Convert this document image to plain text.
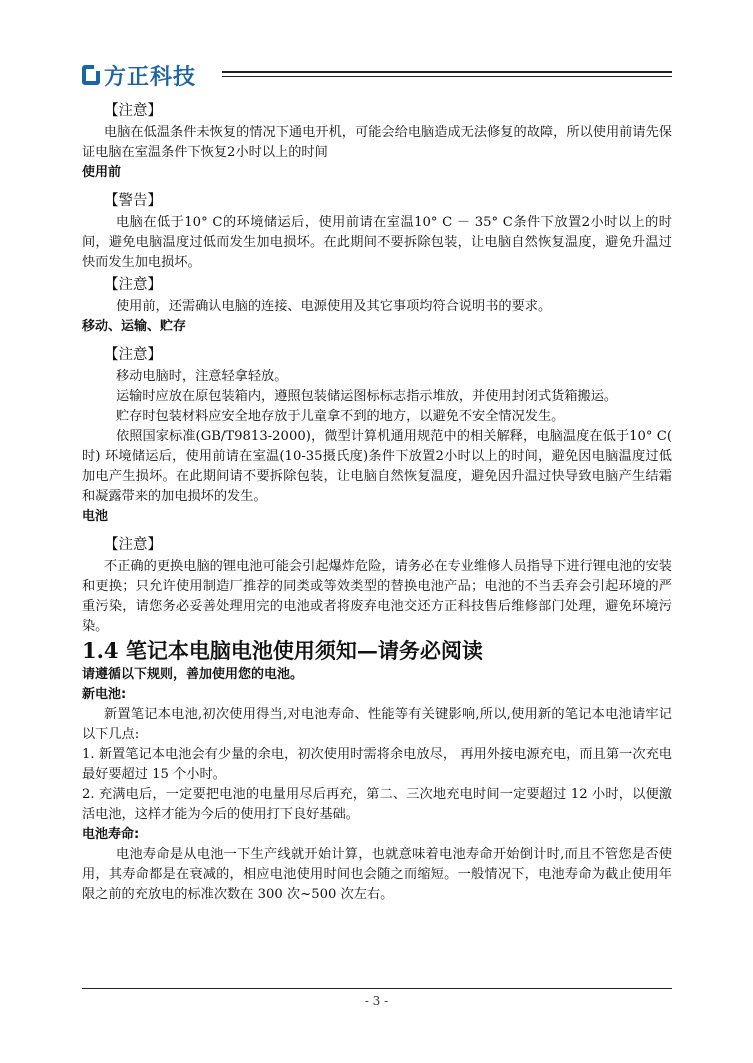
方正科技

【注意】

电脑在低温条件未恢复的情况下通电开机，可能会给电脑造成无法修复的故障，所以使用前请先保证电脑在室温条件下恢复2小时以上的时间

使用前

【警告】

电脑在低于10° C的环境储运后，使用前请在室温10° C － 35° C条件下放置2小时以上的时间，避免电脑温度过低而发生加电损坏。在此期间不要拆除包装，让电脑自然恢复温度，避免升温过快而发生加电损坏。

【注意】

使用前，还需确认电脑的连接、电源使用及其它事项均符合说明书的要求。

移动、运输、贮存

【注意】

移动电脑时，注意轻拿轻放。

运输时应放在原包装箱内，遵照包装储运图标标志指示堆放，并使用封闭式货箱搬运。

贮存时包装材料应安全地存放于儿童拿不到的地方，以避免不安全情况发生。

依照国家标准(GB/T9813-2000)，微型计算机通用规范中的相关解释，电脑温度在低于10° C( 时) 环境储运后，使用前请在室温(10-35摄氏度)条件下放置2小时以上的时间，避免因电脑温度过低加电产生损坏。在此期间请不要拆除包装，让电脑自然恢复温度，避免因升温过快导致电脑产生结霜和凝露带来的加电损坏的发生。

电池

【注意】

不正确的更换电脑的锂电池可能会引起爆炸危险，请务必在专业维修人员指导下进行锂电池的安装和更换；只允许使用制造厂推荐的同类或等效类型的替换电池产品；电池的不当丢弃会引起环境的严重污染，请您务必妥善处理用完的电池或者将废弃电池交还方正科技售后维修部门处理，避免环境污染。

1.4 笔记本电脑电池使用须知—请务必阅读

请遵循以下规则，善加使用您的电池。

新电池:

新置笔记本电池,初次使用得当,对电池寿命、性能等有关键影响,所以,使用新的笔记本电池请牢记以下几点:

1. 新置笔记本电池会有少量的余电，初次使用时需将余电放尽， 再用外接电源充电，而且第一次充电最好要超过 15 个小时。

2. 充满电后，一定要把电池的电量用尽后再充，第二、三次地充电时间一定要超过 12 小时，以便激活电池，这样才能为今后的使用打下良好基础。

电池寿命:

电池寿命是从电池一下生产线就开始计算，也就意味着电池寿命开始倒计时,而且不管您是否使用，其寿命都是在衰减的，相应电池使用时间也会随之而缩短。一般情况下，电池寿命为截止使用年限之前的充放电的标准次数在 300 次~500 次左右。

- 3 -
